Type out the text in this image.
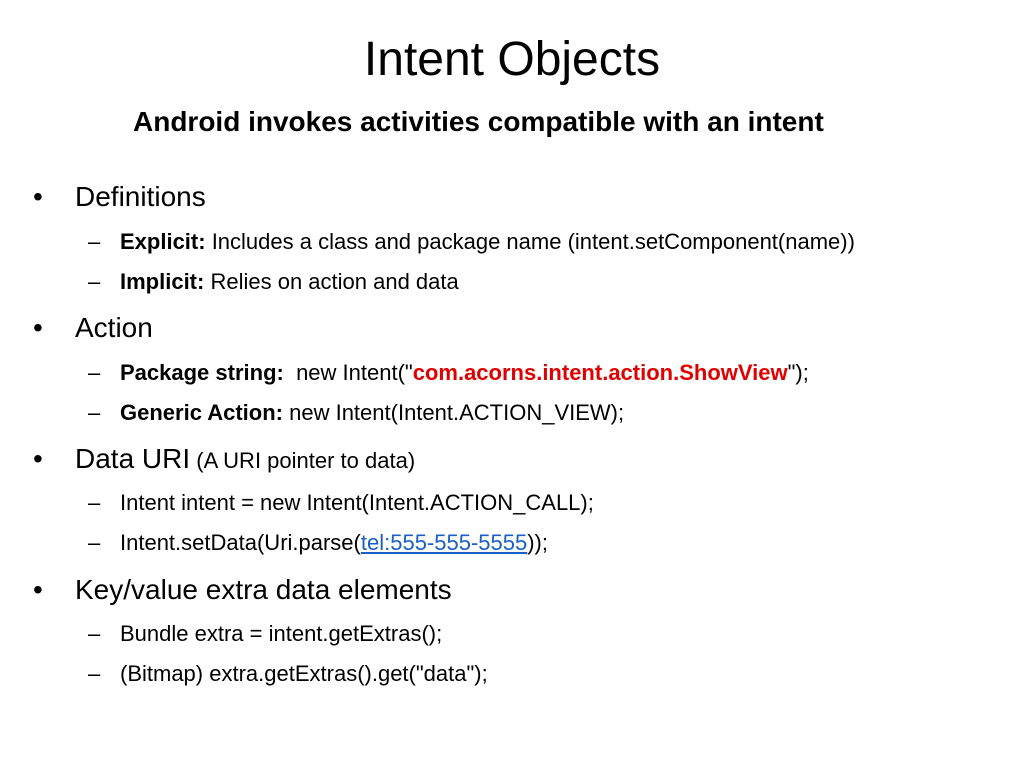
Intent Objects
Android invokes activities compatible with an intent
• Definitions
– Explicit: Includes a class and package name (intent.setComponent(name))
– Implicit: Relies on action and data
• Action
– Package string:  new Intent("com.acorns.intent.action.ShowView");
– Generic Action: new Intent(Intent.ACTION_VIEW);
• Data URI (A URI pointer to data)
– Intent intent = new Intent(Intent.ACTION_CALL);
– Intent.setData(Uri.parse(tel:555-555-5555));
• Key/value extra data elements
– Bundle extra = intent.getExtras();
– (Bitmap) extra.getExtras().get("data");
